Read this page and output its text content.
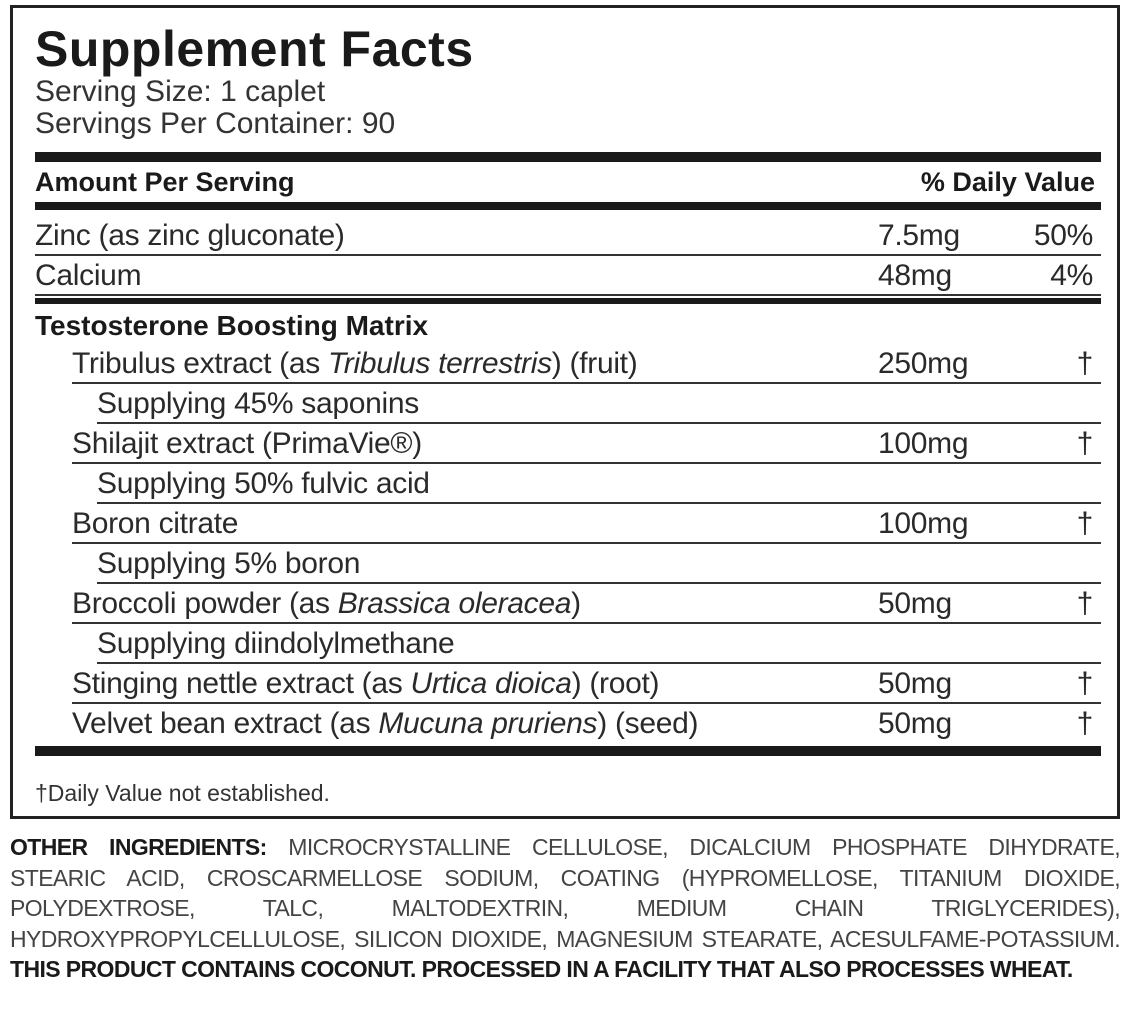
Supplement Facts
Serving Size: 1 caplet
Servings Per Container: 90
Amount Per Serving	% Daily Value
Zinc (as zinc gluconate)	7.5mg 50%
Calcium	48mg	4%
Testosterone Boosting Matrix
Tribulus extract (as Tribulus terrestris) (fruit)	250mg	†
Supplying 45% saponins
Shilajit extract (PrimaVie®)	100mg	†
Supplying 50% fulvic acid
Boron citrate	100mg	†
Supplying 5% boron
Broccoli powder (as Brassica oleracea)	50mg	†
Supplying diindolylmethane
Stinging nettle extract (as Urtica dioica) (root)	50mg	†
Velvet bean extract (as Mucuna pruriens) (seed)	50mg	†
†Daily Value not established.
OTHER INGREDIENTS: MICROCRYSTALLINE CELLULOSE, DICALCIUM PHOSPHATE DIHYDRATE, STEARIC ACID, CROSCARMELLOSE SODIUM, COATING (HYPROMELLOSE, TITANIUM DIOXIDE, POLYDEXTROSE, TALC, MALTODEXTRIN, MEDIUM CHAIN TRIGLYCERIDES), HYDROXYPROPYLCELLULOSE, SILICON DIOXIDE, MAGNESIUM STEARATE, ACESULFAME-POTASSIUM. THIS PRODUCT CONTAINS COCONUT. PROCESSED IN A FACILITY THAT ALSO PROCESSES WHEAT.
